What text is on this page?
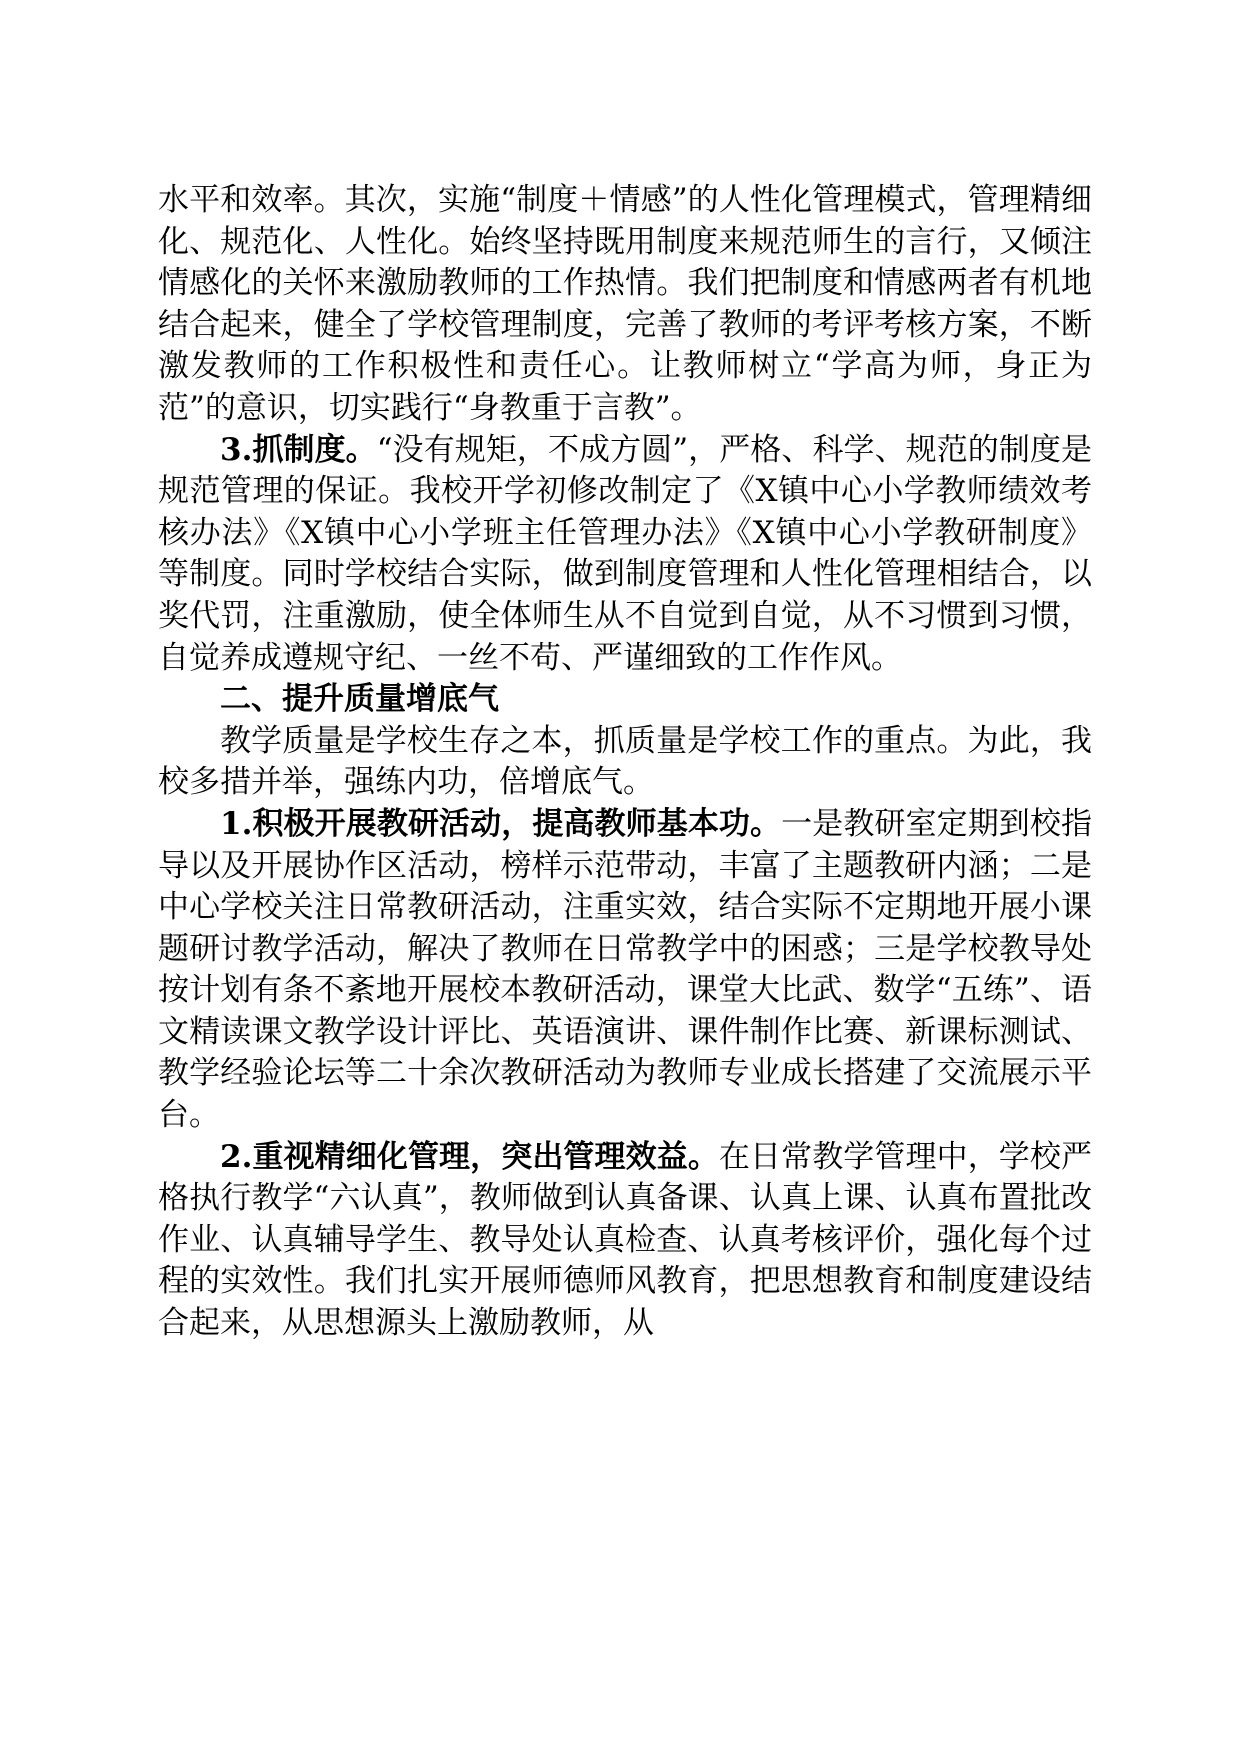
水平和效率。其次，实施“制度＋情感”的人性化管理模式，管理精细化、规范化、人性化。始终坚持既用制度来规范师生的言行，又倾注情感化的关怀来激励教师的工作热情。我们把制度和情感两者有机地结合起来，健全了学校管理制度，完善了教师的考评考核方案，不断激发教师的工作积极性和责任心。让教师树立“学高为师，身正为范”的意识，切实践行“身教重于言教”。

3.抓制度。“没有规矩，不成方圆”，严格、科学、规范的制度是规范管理的保证。我校开学初修改制定了《X镇中心小学教师绩效考核办法》《X镇中心小学班主任管理办法》《X镇中心小学教研制度》等制度。同时学校结合实际，做到制度管理和人性化管理相结合，以奖代罚，注重激励，使全体师生从不自觉到自觉，从不习惯到习惯，自觉养成遵规守纪、一丝不苟、严谨细致的工作作风。

二、提升质量增底气

教学质量是学校生存之本，抓质量是学校工作的重点。为此，我校多措并举，强练内功，倍增底气。

1.积极开展教研活动，提高教师基本功。一是教研室定期到校指导以及开展协作区活动，榜样示范带动，丰富了主题教研内涵；二是中心学校关注日常教研活动，注重实效，结合实际不定期地开展小课题研讨教学活动，解决了教师在日常教学中的困惑；三是学校教导处按计划有条不紊地开展校本教研活动，课堂大比武、数学“五练”、语文精读课文教学设计评比、英语演讲、课件制作比赛、新课标测试、教学经验论坛等二十余次教研活动为教师专业成长搭建了交流展示平台。

2.重视精细化管理，突出管理效益。在日常教学管理中，学校严格执行教学“六认真”，教师做到认真备课、认真上课、认真布置批改作业、认真辅导学生、教导处认真检查、认真考核评价，强化每个过程的实效性。我们扎实开展师德师风教育，把思想教育和制度建设结合起来，从思想源头上激励教师，从
